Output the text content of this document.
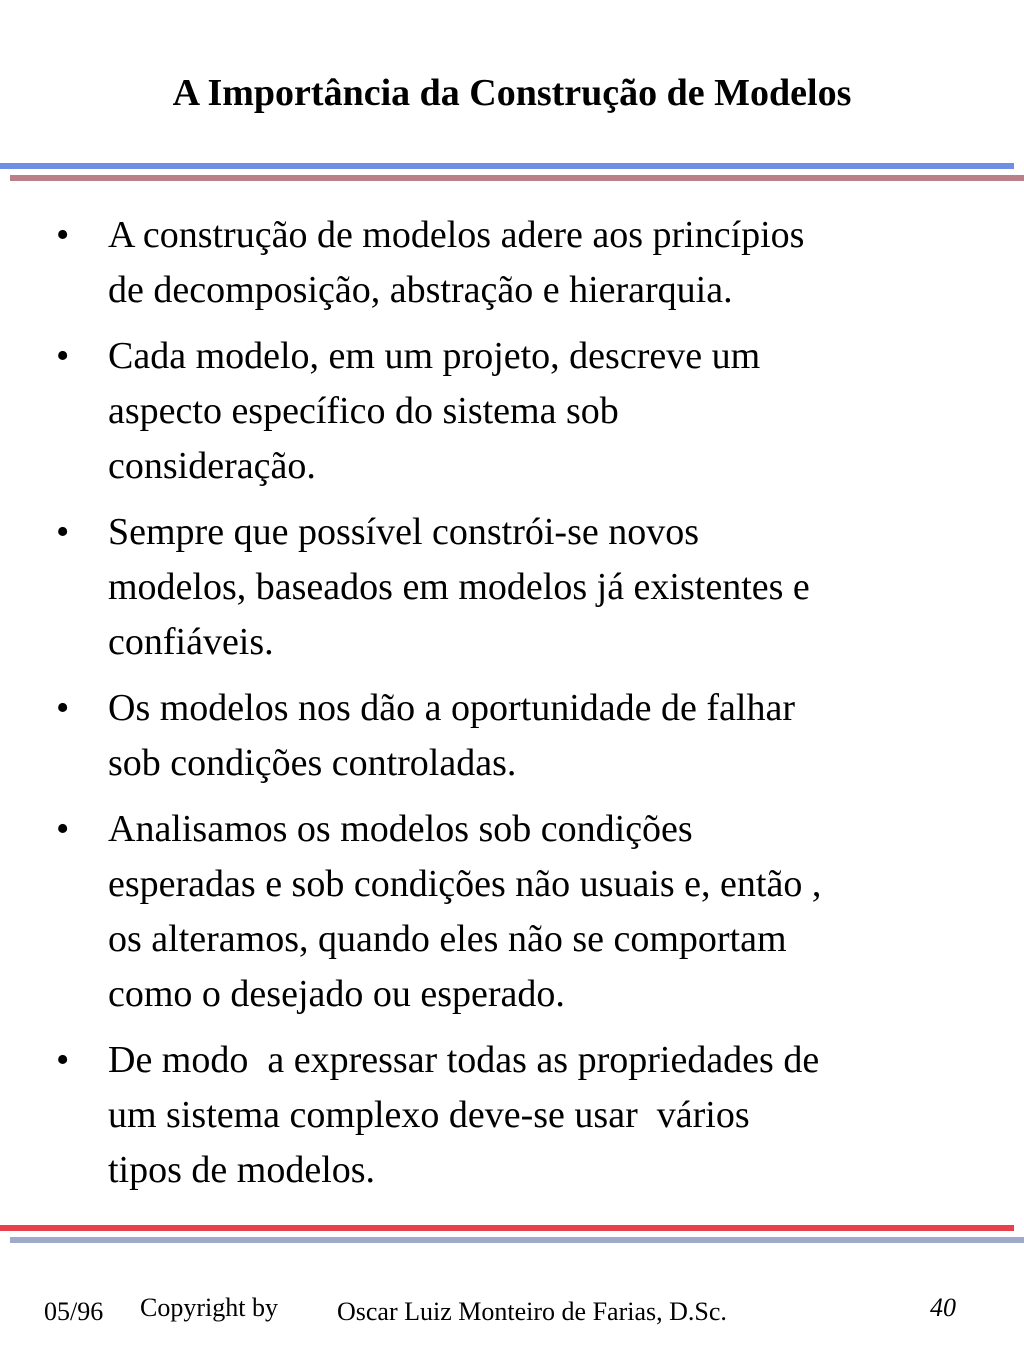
A Importância da Construção de Modelos
• A construção de modelos adere aos princípios
de decomposição, abstração e hierarquia.
• Cada modelo, em um projeto, descreve um
aspecto específico do sistema sob
consideração.
• Sempre que possível constrói-se novos
modelos, baseados em modelos já existentes e
confiáveis.
• Os modelos nos dão a oportunidade de falhar
sob condições controladas.
• Analisamos os modelos sob condições
esperadas e sob condições não usuais e, então ,
os alteramos, quando eles não se comportam
como o desejado ou esperado.
• De modo  a expressar todas as propriedades de
um sistema complexo deve-se usar  vários
tipos de modelos.
05/96 Copyright by Oscar Luiz Monteiro de Farias, D.Sc.	40
